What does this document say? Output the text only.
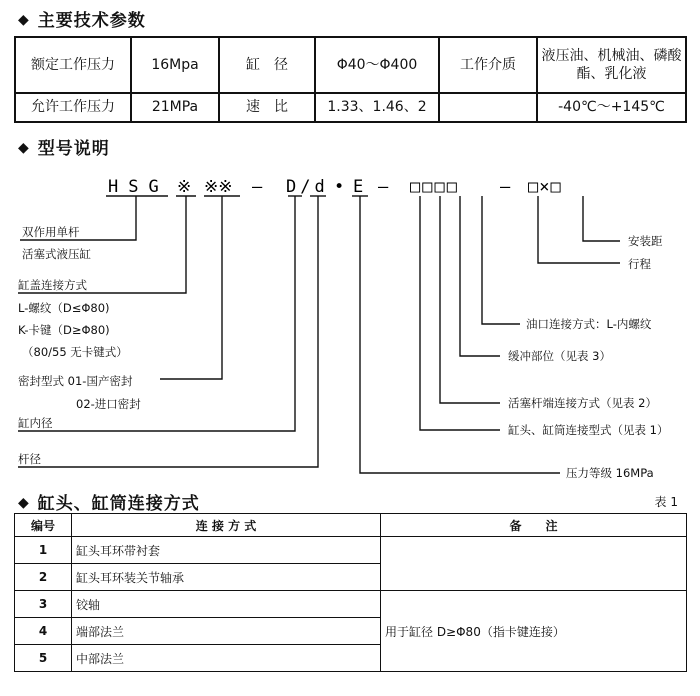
◆ 主要技术参数
额定工作压力	16Mpa	缸　径	Φ40～Φ400	工作介质	液压油、机械油、磷酸酯、乳化液
允许工作压力	21MPa	速　比	1.33、1.46、2		-40℃～+145℃
◆ 型号说明
HSG ※ ※※ — D/d • E — □□□□ — □×□
双作用单杆
活塞式液压缸
缸盖连接方式
L-螺纹（D≤Φ80)
K-卡键（D≥Φ80)
（80/55 无卡键式）
密封型式 01-国产密封
02-进口密封
缸内径
杆径
安装距
行程
油口连接方式：L-内螺纹
缓冲部位（见表 3）
活塞杆端连接方式（见表 2）
缸头、缸筒连接型式（见表 1）
压力等级 16MPa
◆ 缸头、缸筒连接方式	表 1
编号	连 接 方 式	备　　注
1	缸头耳环带衬套	
2	缸头耳环装关节轴承	
3	铰轴	用于缸径 D≥Φ80（指卡键连接）
4	端部法兰	
5	中部法兰	
